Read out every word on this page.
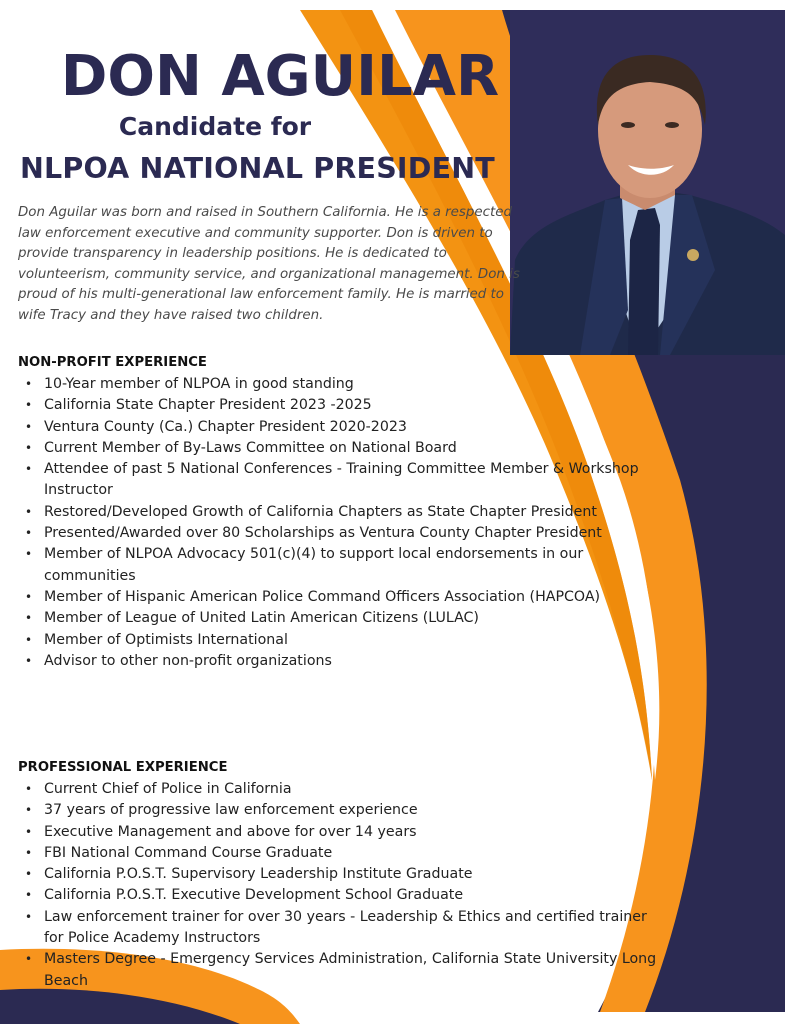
DON AGUILAR
Candidate for
NLPOA NATIONAL PRESIDENT

Don Aguilar was born and raised in Southern California. He is a respected law enforcement executive and community supporter. Don is driven to provide transparency in leadership positions. He is dedicated to volunteerism, community service, and organizational management. Don is proud of his multi-generational law enforcement family. He is married to wife Tracy and they have raised two children.

NON-PROFIT EXPERIENCE
• 10-Year member of NLPOA in good standing
• California State Chapter President 2023 -2025
• Ventura County (Ca.) Chapter President 2020-2023
• Current Member of By-Laws Committee on National Board
• Attendee of past 5 National Conferences - Training Committee Member & Workshop Instructor
• Restored/Developed Growth of California Chapters as State Chapter President
• Presented/Awarded over 80 Scholarships as Ventura County Chapter President
• Member of NLPOA Advocacy 501(c)(4) to support local endorsements in our communities
• Member of Hispanic American Police Command Officers Association (HAPCOA)
• Member of League of United Latin American Citizens (LULAC)
• Member of Optimists International
• Advisor to other non-profit organizations
PROFESSIONAL EXPERIENCE
• Current Chief of Police in California
• 37 years of progressive law enforcement experience
• Executive Management and above for over 14 years
• FBI National Command Course Graduate
• California P.O.S.T. Supervisory Leadership Institute Graduate
• California P.O.S.T. Executive Development School Graduate
• Law enforcement trainer for over 30 years - Leadership & Ethics and certified trainer for Police Academy Instructors
• Masters Degree - Emergency Services Administration, California State University Long Beach
